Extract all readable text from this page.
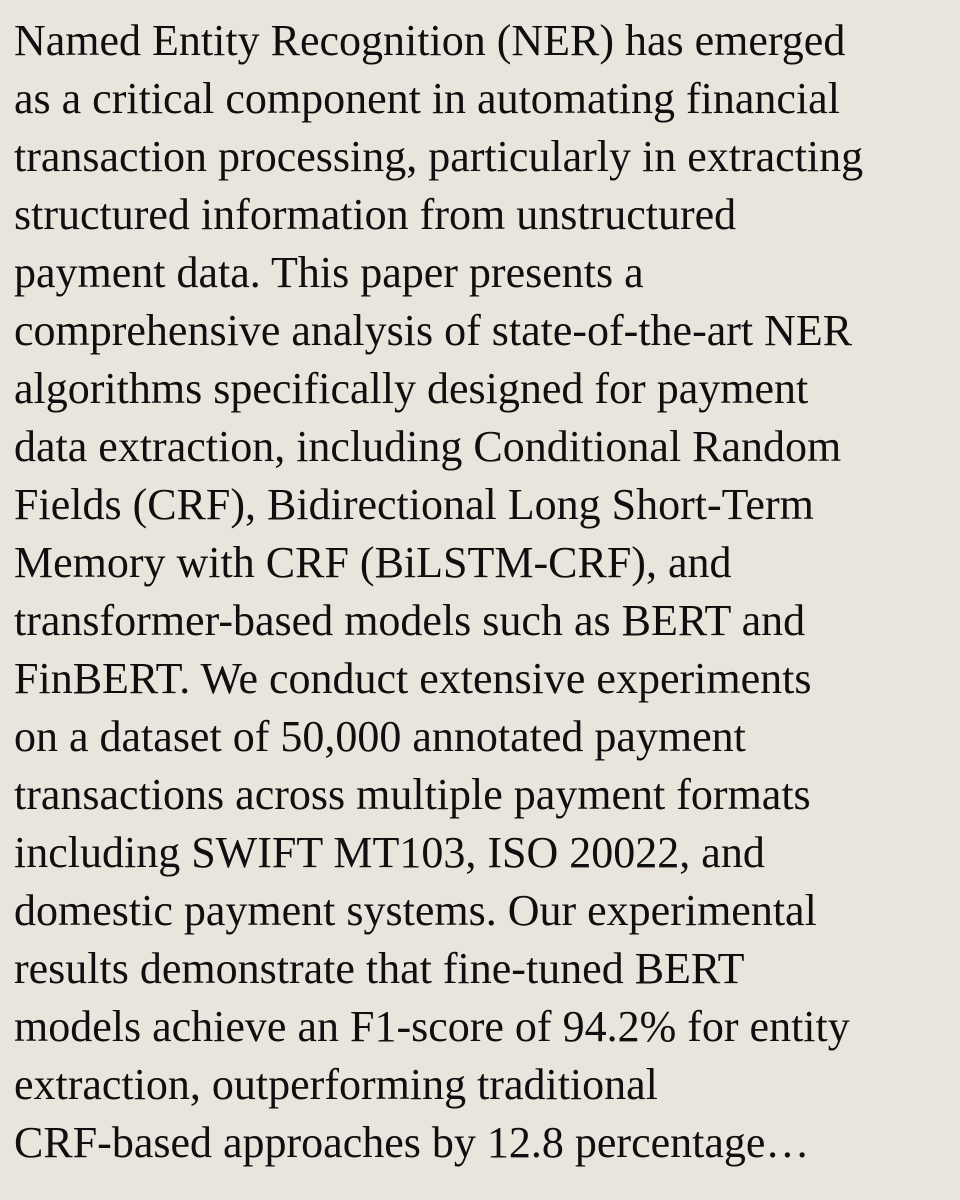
Named Entity Recognition (NER) has emerged
as a critical component in automating financial
transaction processing, particularly in extracting
structured information from unstructured
payment data. This paper presents a
comprehensive analysis of state-of-the-art NER
algorithms specifically designed for payment
data extraction, including Conditional Random
Fields (CRF), Bidirectional Long Short-Term
Memory with CRF (BiLSTM-CRF), and
transformer-based models such as BERT and
FinBERT. We conduct extensive experiments
on a dataset of 50,000 annotated payment
transactions across multiple payment formats
including SWIFT MT103, ISO 20022, and
domestic payment systems. Our experimental
results demonstrate that fine-tuned BERT
models achieve an F1-score of 94.2% for entity
extraction, outperforming traditional
CRF-based approaches by 12.8 percentage…
